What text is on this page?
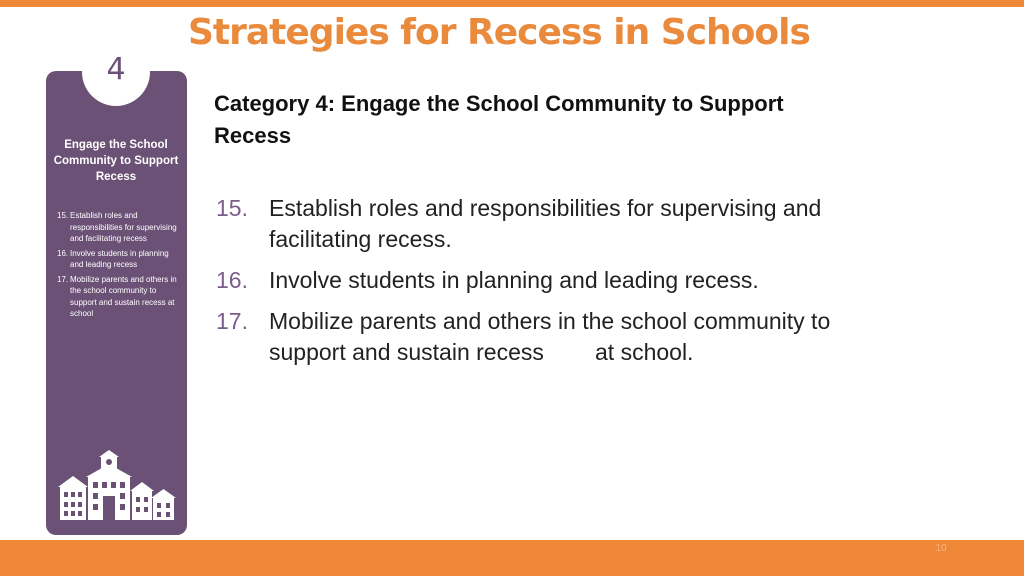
Strategies for Recess in Schools
4
Engage the School Community to Support Recess
15. Establish roles and responsibilities for supervising and facilitating recess
16. Involve students in planning and leading recess
17. Mobilize parents and others in the school community to support and sustain recess at school
Category 4: Engage the School Community to Support Recess
15. Establish roles and responsibilities for supervising and facilitating recess.
16. Involve students in planning and leading recess.
17. Mobilize parents and others in the school community to support and sustain recess        at school.
10
